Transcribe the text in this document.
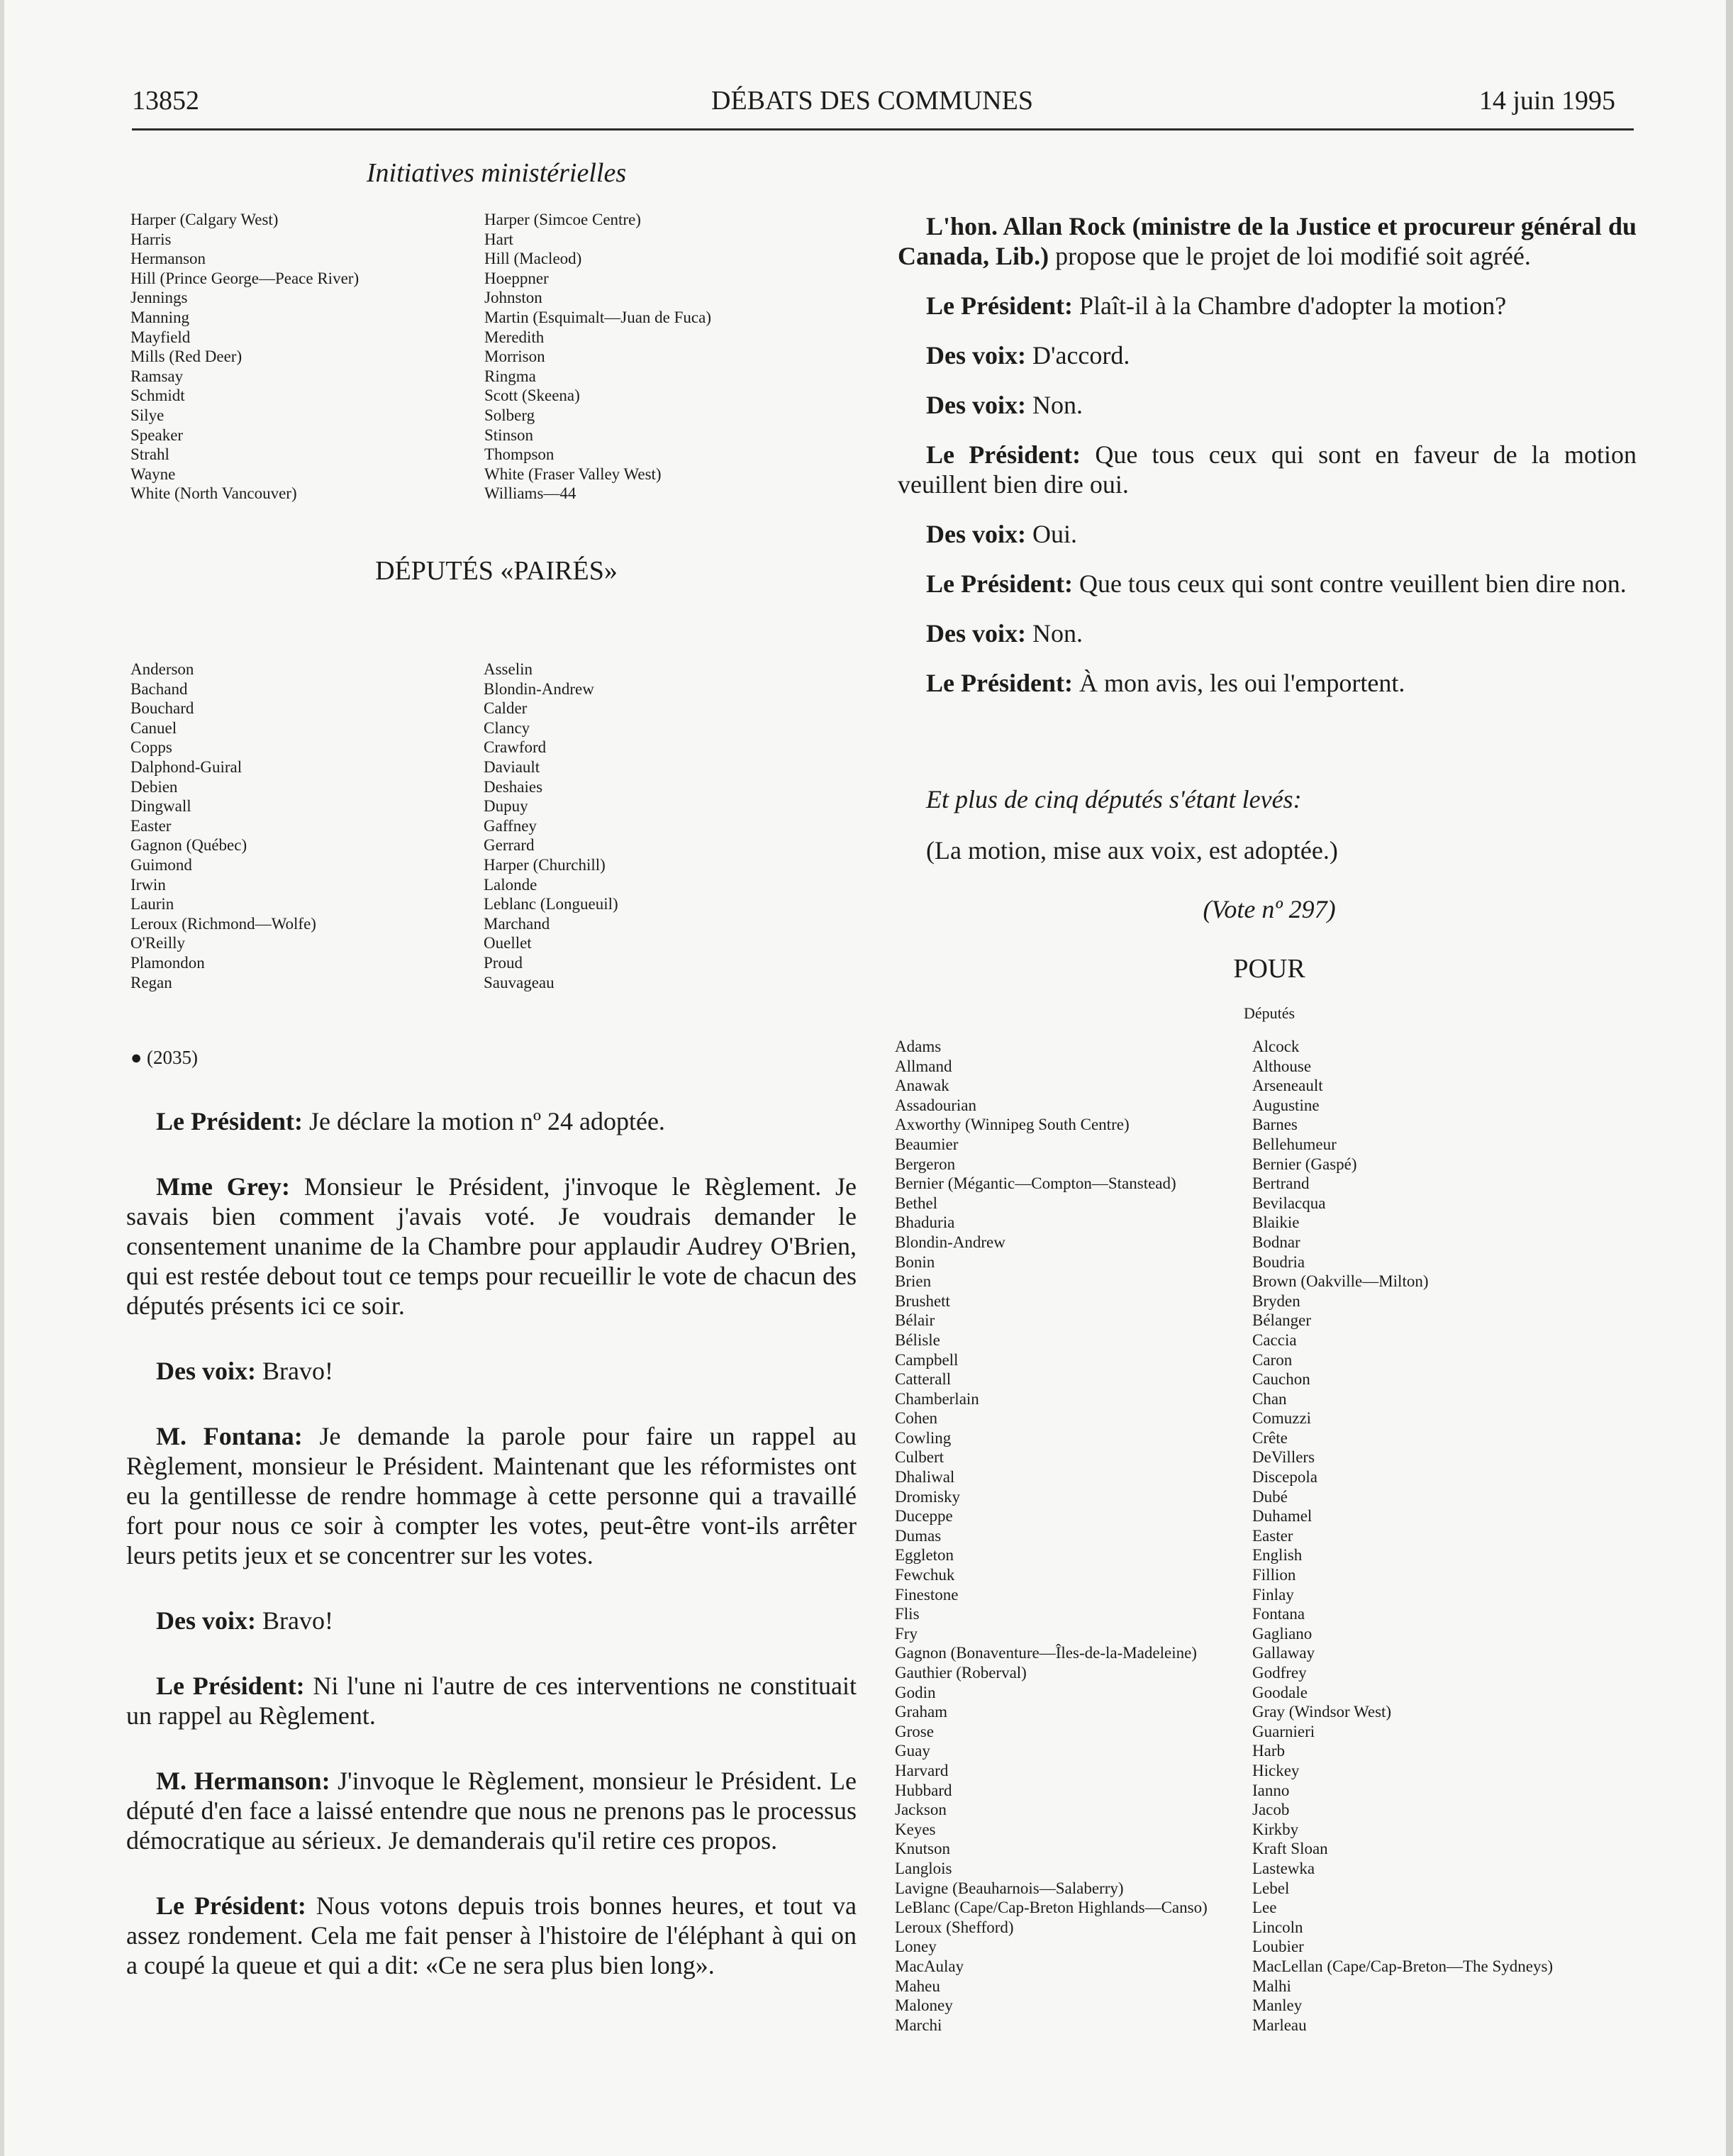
13852	DÉBATS DES COMMUNES	14 juin 1995
Initiatives ministérielles
Harper (Calgary West)
Harris
Hermanson
Hill (Prince George—Peace River)
Jennings
Manning
Mayfield
Mills (Red Deer)
Ramsay
Schmidt
Silye
Speaker
Strahl
Wayne
White (North Vancouver)
Harper (Simcoe Centre)
Hart
Hill (Macleod)
Hoeppner
Johnston
Martin (Esquimalt—Juan de Fuca)
Meredith
Morrison
Ringma
Scott (Skeena)
Solberg
Stinson
Thompson
White (Fraser Valley West)
Williams—44
DÉPUTÉS «PAIRÉS»
Anderson
Bachand
Bouchard
Canuel
Copps
Dalphond-Guiral
Debien
Dingwall
Easter
Gagnon (Québec)
Guimond
Irwin
Laurin
Leroux (Richmond—Wolfe)
O'Reilly
Plamondon
Regan
Asselin
Blondin-Andrew
Calder
Clancy
Crawford
Daviault
Deshaies
Dupuy
Gaffney
Gerrard
Harper (Churchill)
Lalonde
Leblanc (Longueuil)
Marchand
Ouellet
Proud
Sauvageau
● (2035)
Le Président: Je déclare la motion nº 24 adoptée.
Mme Grey: Monsieur le Président, j'invoque le Règlement. Je savais bien comment j'avais voté. Je voudrais demander le consentement unanime de la Chambre pour applaudir Audrey O'Brien, qui est restée debout tout ce temps pour recueillir le vote de chacun des députés présents ici ce soir.
Des voix: Bravo!
M. Fontana: Je demande la parole pour faire un rappel au Règlement, monsieur le Président. Maintenant que les réformistes ont eu la gentillesse de rendre hommage à cette personne qui a travaillé fort pour nous ce soir à compter les votes, peut-être vont-ils arrêter leurs petits jeux et se concentrer sur les votes.
Des voix: Bravo!
Le Président: Ni l'une ni l'autre de ces interventions ne constituait un rappel au Règlement.
M. Hermanson: J'invoque le Règlement, monsieur le Président. Le député d'en face a laissé entendre que nous ne prenons pas le processus démocratique au sérieux. Je demanderais qu'il retire ces propos.
Le Président: Nous votons depuis trois bonnes heures, et tout va assez rondement. Cela me fait penser à l'histoire de l'éléphant à qui on a coupé la queue et qui a dit: «Ce ne sera plus bien long».
L'hon. Allan Rock (ministre de la Justice et procureur général du Canada, Lib.) propose que le projet de loi modifié soit agréé.
Le Président: Plaît-il à la Chambre d'adopter la motion?
Des voix: D'accord.
Des voix: Non.
Le Président: Que tous ceux qui sont en faveur de la motion veuillent bien dire oui.
Des voix: Oui.
Le Président: Que tous ceux qui sont contre veuillent bien dire non.
Des voix: Non.
Le Président: À mon avis, les oui l'emportent.
Et plus de cinq députés s'étant levés:
(La motion, mise aux voix, est adoptée.)
(Vote nº 297)
POUR
Députés
Adams
Allmand
Anawak
Assadourian
Axworthy (Winnipeg South Centre)
Beaumier
Bergeron
Bernier (Mégantic—Compton—Stanstead)
Bethel
Bhaduria
Blondin-Andrew
Bonin
Brien
Brushett
Bélair
Bélisle
Campbell
Catterall
Chamberlain
Cohen
Cowling
Culbert
Dhaliwal
Dromisky
Duceppe
Dumas
Eggleton
Fewchuk
Finestone
Flis
Fry
Gagnon (Bonaventure—Îles-de-la-Madeleine)
Gauthier (Roberval)
Godin
Graham
Grose
Guay
Harvard
Hubbard
Jackson
Keyes
Knutson
Langlois
Lavigne (Beauharnois—Salaberry)
LeBlanc (Cape/Cap-Breton Highlands—Canso)
Leroux (Shefford)
Loney
MacAulay
Maheu
Maloney
Marchi
Alcock
Althouse
Arseneault
Augustine
Barnes
Bellehumeur
Bernier (Gaspé)
Bertrand
Bevilacqua
Blaikie
Bodnar
Boudria
Brown (Oakville—Milton)
Bryden
Bélanger
Caccia
Caron
Cauchon
Chan
Comuzzi
Crête
DeVillers
Discepola
Dubé
Duhamel
Easter
English
Fillion
Finlay
Fontana
Gagliano
Gallaway
Godfrey
Goodale
Gray (Windsor West)
Guarnieri
Harb
Hickey
Ianno
Jacob
Kirkby
Kraft Sloan
Lastewka
Lebel
Lee
Lincoln
Loubier
MacLellan (Cape/Cap-Breton—The Sydneys)
Malhi
Manley
Marleau
